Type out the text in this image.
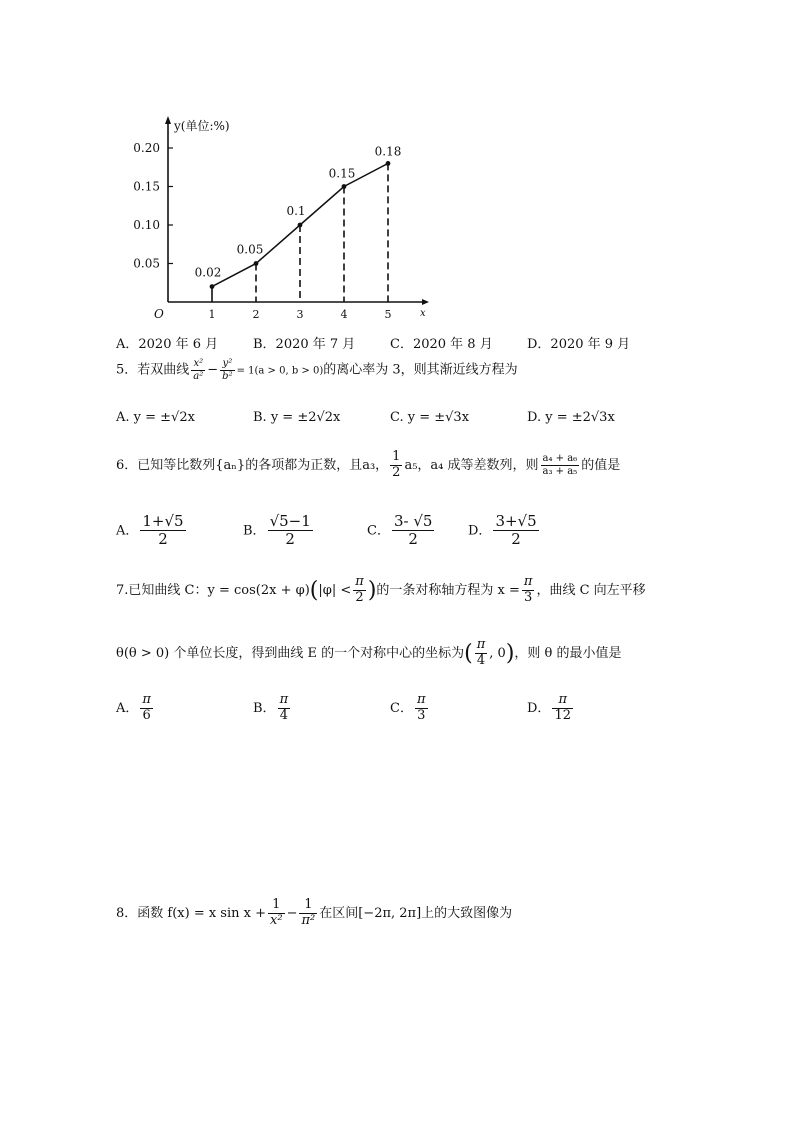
y(单位:%)
x
O
0.05
0.10
0.15
0.20
1	2	3	4	5
0.02
0.05
0.1
0.15
0.18
A．2020 年 6 月	B．2020 年 7 月	C．2020 年 8 月	D．2020 年 9 月
5．若双曲线 $\frac{\text{x²}}{\text{a²}} - \frac{\text{y²}}{\text{b²}} = 1(a > 0$, b > 0)的离心率为 3，则其渐近线方程为
A. y = ±√2x	B. y = ±2√2x	C. y = ±√3x	D. y = ±2√3x
6．已知等比数列{aₙ}的各项都为正数，且a₃， $\frac{1}{2} a_5$，a₄ 成等差数列，则 $\frac{\text{a₄ + a₆}}{\text{a₃ + a₅}}$ 的值是
A． $\frac{1+√5}{2}$	B． $\frac{√5-1}{2}$	C． $\frac{3- √5}{2}$	D． $\frac{3+√5}{2}$
7.已知曲线 C：$y = \cos(2x + \varphi)(|\varphi| < \frac{\pi}{2}$ )的一条对称轴方程为 $x = \frac{\pi}{3}$ ，曲线 C 向左平移
θ(θ > 0) 个单位长度，得到曲线 E 的一个对称中心的坐标为( $\frac{\pi}{4}$ , 0)，则 θ 的最小值是
A． $\frac{\pi}{6}$	B． $\frac{\pi}{4}$	C． $\frac{\pi}{3}$	D． $\frac{\pi}{12}$
8．函数 f(x) = x $\sin x + \frac{1}{\text{x²}} - \frac{1}{\text{π²}}$ 在区间[−2π, 2π]上的大致图像为
